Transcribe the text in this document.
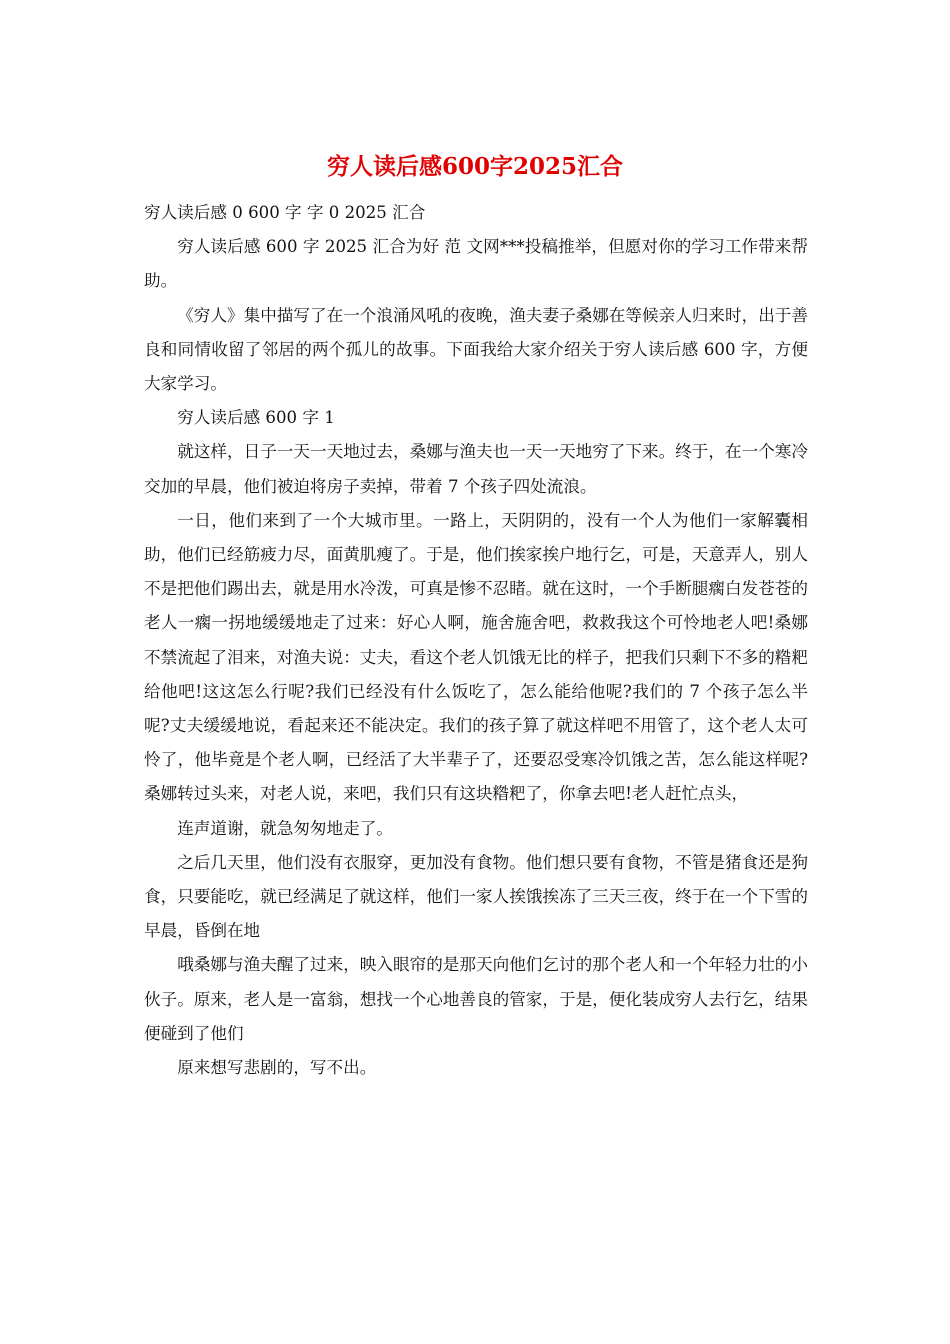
穷人读后感600字2025汇合

穷人读后感 0 600 字 字 0 2025 汇合

穷人读后感 600 字 2025 汇合为好 范 文网***投稿推举，但愿对你的学习工作带来帮助。

《穷人》集中描写了在一个浪涌风吼的夜晚，渔夫妻子桑娜在等候亲人归来时，出于善良和同情收留了邻居的两个孤儿的故事。下面我给大家介绍关于穷人读后感 600 字，方便大家学习。

穷人读后感 600 字 1

就这样，日子一天一天地过去，桑娜与渔夫也一天一天地穷了下来。终于，在一个寒冷交加的早晨，他们被迫将房子卖掉，带着 7 个孩子四处流浪。

一日，他们来到了一个大城市里。一路上，天阴阴的，没有一个人为他们一家解囊相助，他们已经筋疲力尽，面黄肌瘦了。于是，他们挨家挨户地行乞，可是，天意弄人，别人不是把他们踢出去，就是用水冷泼，可真是惨不忍睹。就在这时，一个手断腿瘸白发苍苍的老人一瘸一拐地缓缓地走了过来：好心人啊，施舍施舍吧，救救我这个可怜地老人吧!桑娜不禁流起了泪来，对渔夫说：丈夫，看这个老人饥饿无比的样子，把我们只剩下不多的糌粑给他吧!这这怎么行呢?我们已经没有什么饭吃了，怎么能给他呢?我们的 7 个孩子怎么半呢?丈夫缓缓地说，看起来还不能决定。我们的孩子算了就这样吧不用管了，这个老人太可怜了，他毕竟是个老人啊，已经活了大半辈子了，还要忍受寒冷饥饿之苦，怎么能这样呢?桑娜转过头来，对老人说，来吧，我们只有这块糌粑了，你拿去吧!老人赶忙点头，

连声道谢，就急匆匆地走了。

之后几天里，他们没有衣服穿，更加没有食物。他们想只要有食物，不管是猪食还是狗食，只要能吃，就已经满足了就这样，他们一家人挨饿挨冻了三天三夜，终于在一个下雪的早晨，昏倒在地

哦桑娜与渔夫醒了过来，映入眼帘的是那天向他们乞讨的那个老人和一个年轻力壮的小伙子。原来，老人是一富翁，想找一个心地善良的管家，于是，便化装成穷人去行乞，结果便碰到了他们

原来想写悲剧的，写不出。
